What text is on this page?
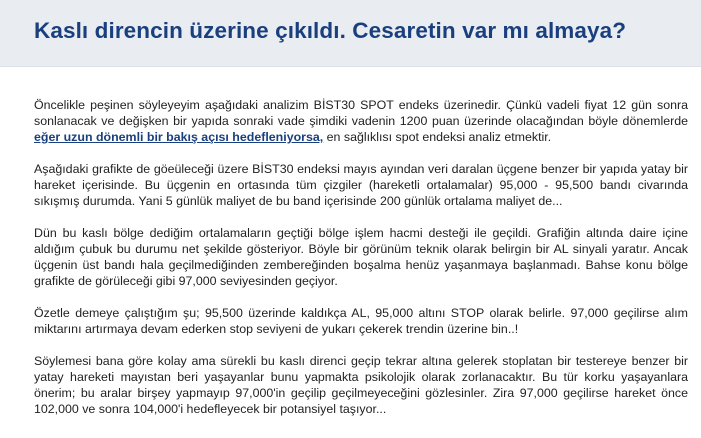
Kaslı direncin üzerine çıkıldı. Cesaretin var mı almaya?

Öncelikle peşinen söyleyeyim aşağıdaki analizim BİST30 SPOT endeks üzerinedir. Çünkü vadeli fiyat 12 gün sonra sonlanacak ve değişken bir yapıda sonraki vade şimdiki vadenin 1200 puan üzerinde olacağından böyle dönemlerde eğer uzun dönemli bir bakış açısı hedefleniyorsa, en sağlıklısı spot endeksi analiz etmektir.

Aşağıdaki grafikte de göeüleceği üzere BİST30 endeksi mayıs ayından veri daralan üçgene benzer bir yapıda yatay bir hareket içerisinde. Bu üçgenin en ortasında tüm çizgiler (hareketli ortalamalar) 95,000 - 95,500 bandı civarında sıkışmış durumda. Yani 5 günlük maliyet de bu band içerisinde 200 günlük ortalama maliyet de...

Dün bu kaslı bölge dediğim ortalamaların geçtiği bölge işlem hacmi desteği ile geçildi. Grafiğin altında daire içine aldığım çubuk bu durumu net şekilde gösteriyor. Böyle bir görünüm teknik olarak belirgin bir AL sinyali yaratır. Ancak üçgenin üst bandı hala geçilmediğinden zembereğinden boşalma henüz yaşanmaya başlanmadı. Bahse konu bölge grafikte de görüleceği gibi 97,000 seviyesinden geçiyor.

Özetle demeye çalıştığım şu; 95,500 üzerinde kaldıkça AL, 95,000 altını STOP olarak belirle. 97,000 geçilirse alım miktarını artırmaya devam ederken stop seviyeni de yukarı çekerek trendin üzerine bin..!

Söylemesi bana göre kolay ama sürekli bu kaslı direnci geçip tekrar altına gelerek stoplatan bir testereye benzer bir yatay hareketi mayıstan beri yaşayanlar bunu yapmakta psikolojik olarak zorlanacaktır. Bu tür korku yaşayanlara önerim; bu aralar birşey yapmayıp 97,000'in geçilip geçilmeyeceğini gözlesinler. Zira 97,000 geçilirse hareket önce 102,000 ve sonra 104,000'i hedefleyecek bir potansiyel taşıyor...
